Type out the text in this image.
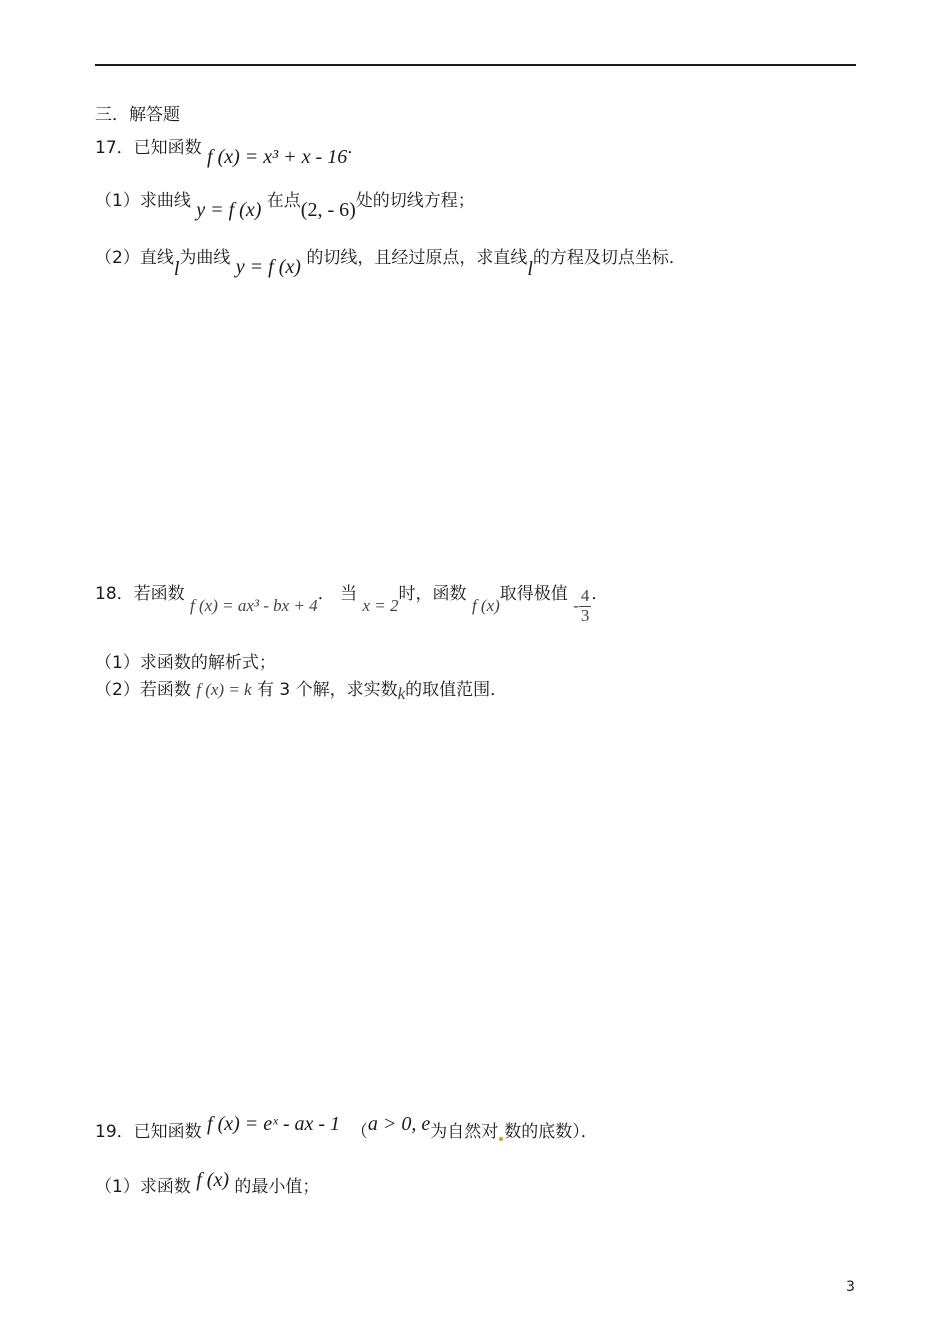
三．解答题
17．已知函数 f (x) = x³ + x - 16．
（1）求曲线 y = f (x) 在点(2, - 6)处的切线方程；
（2）直线l为曲线 y = f (x) 的切线，且经过原点，求直线l的方程及切点坐标．
18．若函数 f (x) = ax³ - bx + 4． 当 x = 2时，函数 f (x)取得极值 - $\frac{4}{3}$ ．
（1）求函数的解析式；
（2）若函数 f (x) = k 有 3 个解，求实数k的取值范围．
19．已知函数 f (x) = eˣ - ax - 1 （a > 0, e为自然对 数的底数）．
（1）求函数 f (x) 的最小值；
3
